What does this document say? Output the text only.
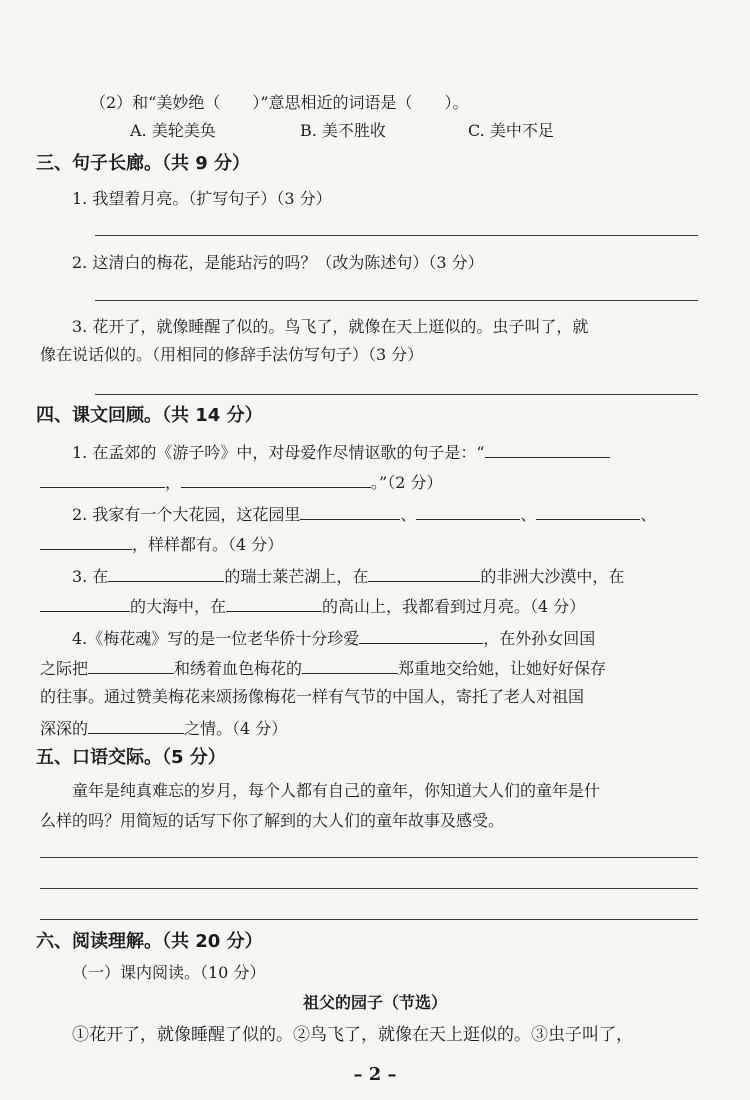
（2）和“美妙绝（　　）”意思相近的词语是（　　）。
A. 美轮美奂	B. 美不胜收	C. 美中不足
三、句子长廊。（共 9 分）
1. 我望着月亮。（扩写句子）（3 分）
2. 这清白的梅花，是能玷污的吗？（改为陈述句）（3 分）
3. 花开了，就像睡醒了似的。鸟飞了，就像在天上逛似的。虫子叫了，就
像在说话似的。（用相同的修辞手法仿写句子）（3 分）
四、课文回顾。（共 14 分）
1. 在孟郊的《游子吟》中，对母爱作尽情讴歌的句子是：“
，	。”（2 分）
2. 我家有一个大花园，这花园里	、	、	、
，样样都有。（4 分）
3. 在	的瑞士莱芒湖上，在	的非洲大沙漠中，在
的大海中，在	的高山上，我都看到过月亮。（4 分）
4.《梅花魂》写的是一位老华侨十分珍爱	，在外孙女回国
之际把	和绣着血色梅花的	郑重地交给她，让她好好保存
的往事。通过赞美梅花来颂扬像梅花一样有气节的中国人，寄托了老人对祖国
深深的	之情。（4 分）
五、口语交际。（5 分）
童年是纯真难忘的岁月，每个人都有自己的童年，你知道大人们的童年是什
么样的吗？用简短的话写下你了解到的大人们的童年故事及感受。
六、阅读理解。（共 20 分）
（一）课内阅读。（10 分）
祖父的园子（节选）
①花开了，就像睡醒了似的。②鸟飞了，就像在天上逛似的。③虫子叫了，
– 2 –
